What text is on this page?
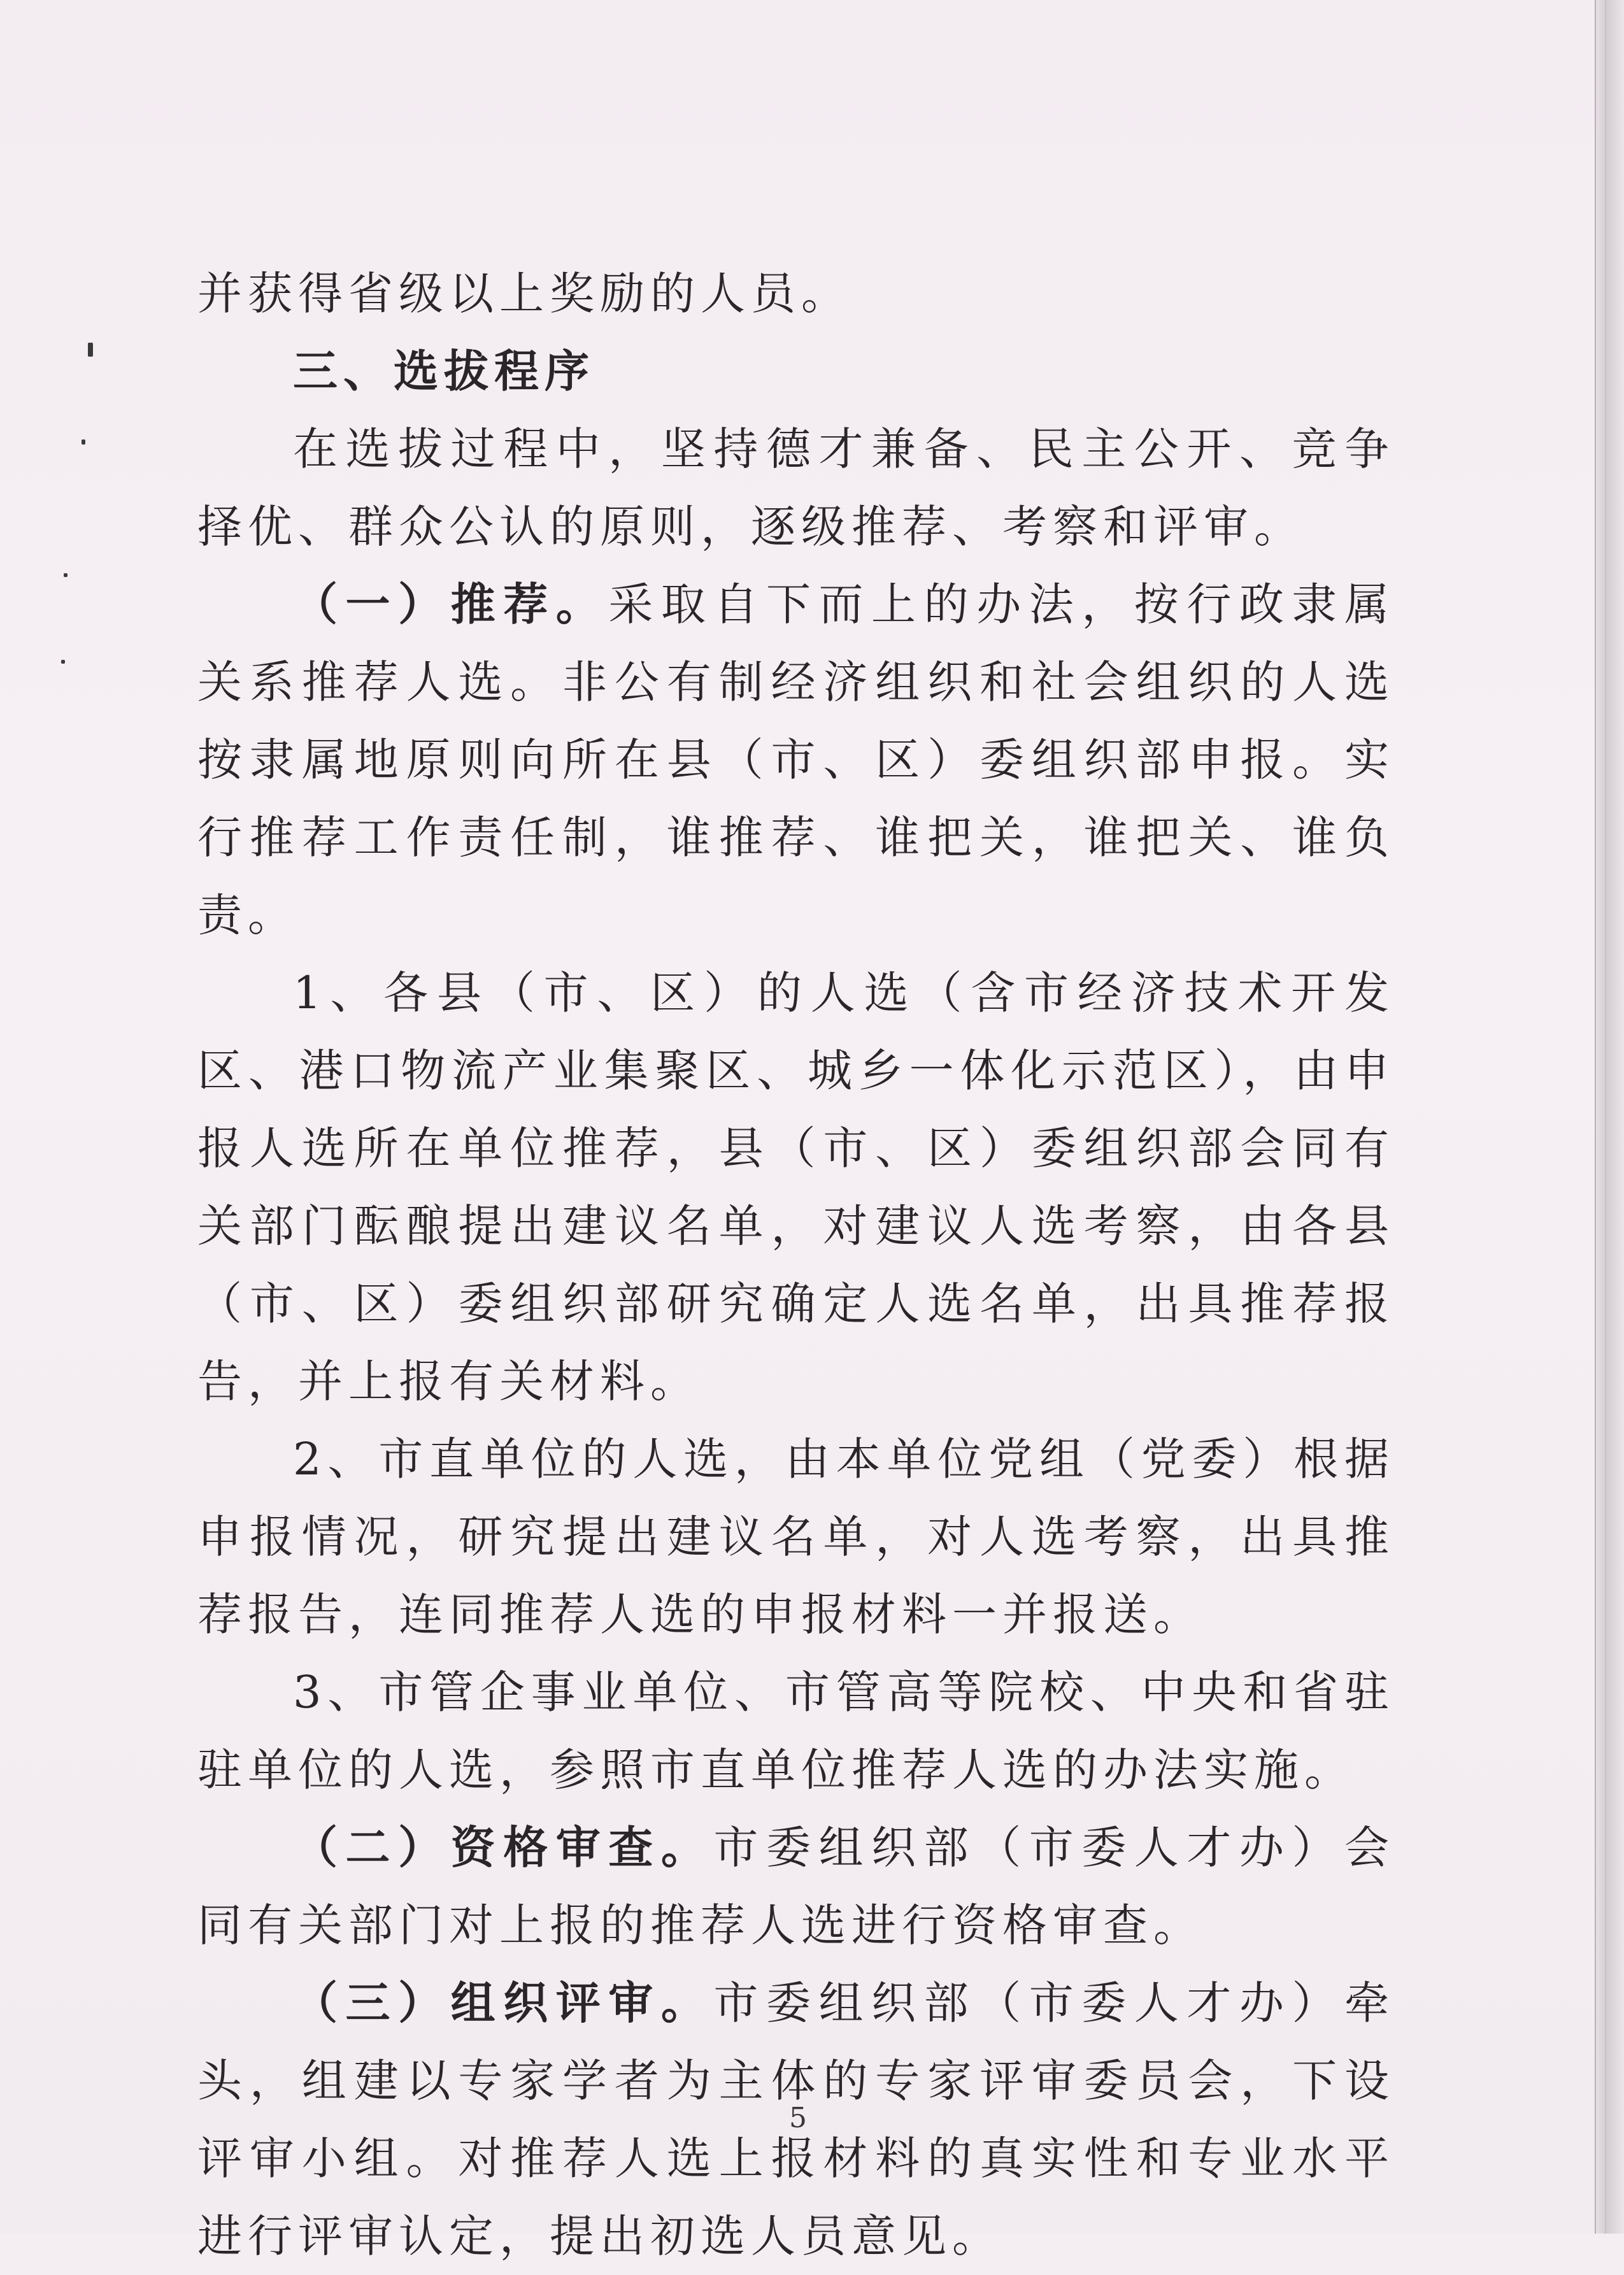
并获得省级以上奖励的人员。

三、选拔程序

在选拔过程中，坚持德才兼备、民主公开、竞争择优、群众公认的原则，逐级推荐、考察和评审。

（一）推荐。采取自下而上的办法，按行政隶属关系推荐人选。非公有制经济组织和社会组织的人选按隶属地原则向所在县（市、区）委组织部申报。实行推荐工作责任制，谁推荐、谁把关，谁把关、谁负责。

1、各县（市、区）的人选（含市经济技术开发区、港口物流产业集聚区、城乡一体化示范区），由申报人选所在单位推荐，县（市、区）委组织部会同有关部门酝酿提出建议名单，对建议人选考察，由各县（市、区）委组织部研究确定人选名单，出具推荐报告，并上报有关材料。

2、市直单位的人选，由本单位党组（党委）根据申报情况，研究提出建议名单，对人选考察，出具推荐报告，连同推荐人选的申报材料一并报送。

3、市管企事业单位、市管高等院校、中央和省驻驻单位的人选，参照市直单位推荐人选的办法实施。

（二）资格审查。市委组织部（市委人才办）会同有关部门对上报的推荐人选进行资格审查。

（三）组织评审。市委组织部（市委人才办）牵头，组建以专家学者为主体的专家评审委员会，下设评审小组。对推荐人选上报材料的真实性和专业水平进行评审认定，提出初选人员意见。

5
